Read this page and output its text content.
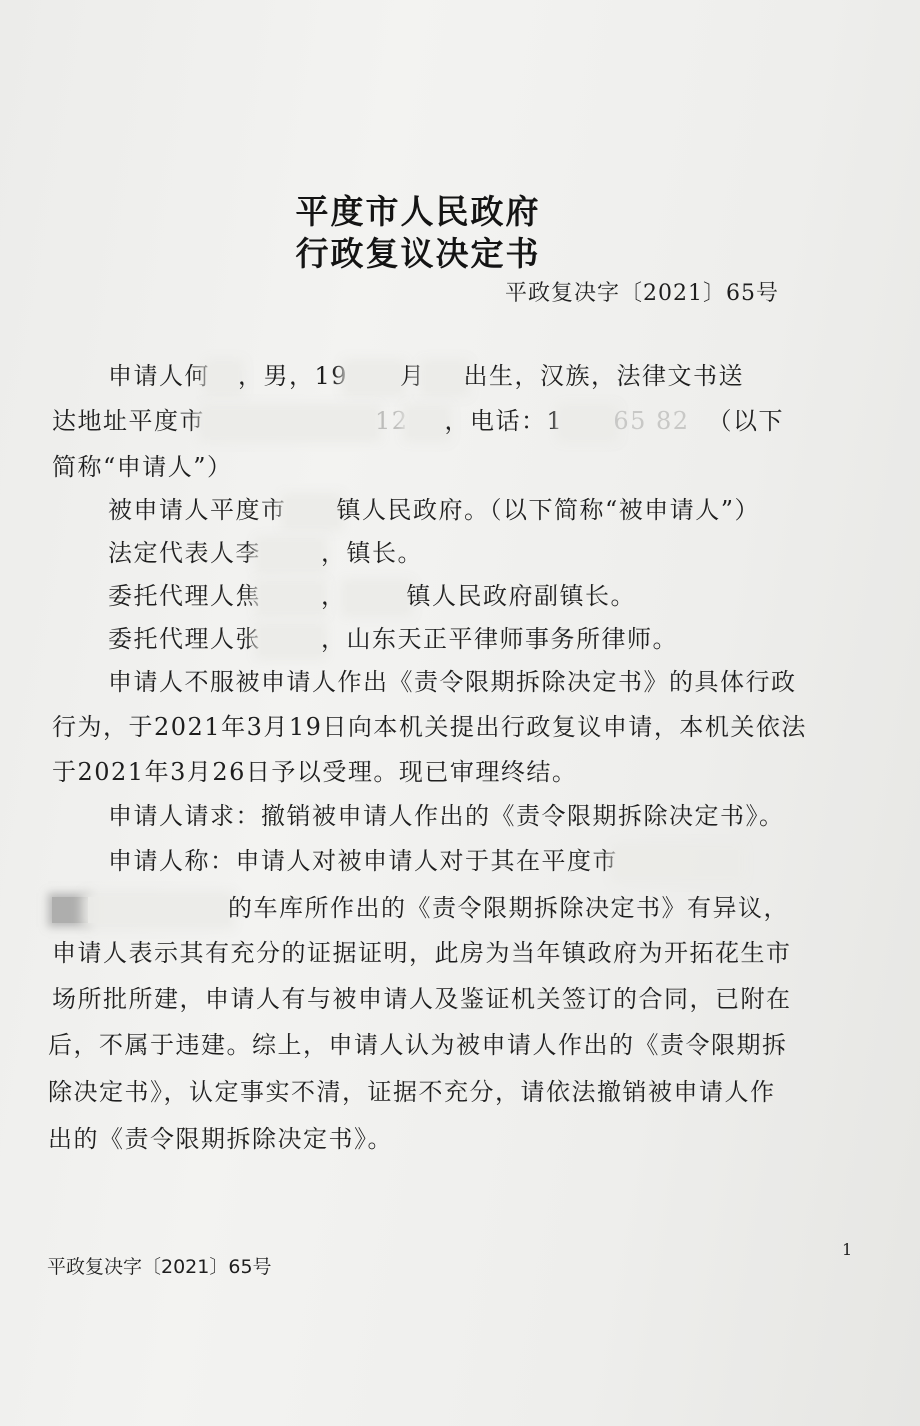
平度市人民政府
行政复议决定书
平政复决字〔2021〕65号
申请人何 ，男，19 月 出生，汉族，法律文书送
达地址平度市	12 ，电话：1 65 82 （以下
简称“申请人”）
被申请人平度市 镇人民政府。（以下简称“被申请人”）
法定代表人李	，镇长。
委托代理人焦	，	镇人民政府副镇长。
委托代理人张	，山东天正平律师事务所律师。
申请人不服被申请人作出《责令限期拆除决定书》的具体行政
行为，于2021年3月19日向本机关提出行政复议申请，本机关依法
于2021年3月26日予以受理。现已审理终结。
申请人请求：撤销被申请人作出的《责令限期拆除决定书》。
申请人称：申请人对被申请人对于其在平度市
的车库所作出的《责令限期拆除决定书》有异议，
申请人表示其有充分的证据证明，此房为当年镇政府为开拓花生市
场所批所建，申请人有与被申请人及鉴证机关签订的合同，已附在
后，不属于违建。综上，申请人认为被申请人作出的《责令限期拆
除决定书》，认定事实不清，证据不充分，请依法撤销被申请人作
出的《责令限期拆除决定书》。
平政复决字〔2021〕65号
1
